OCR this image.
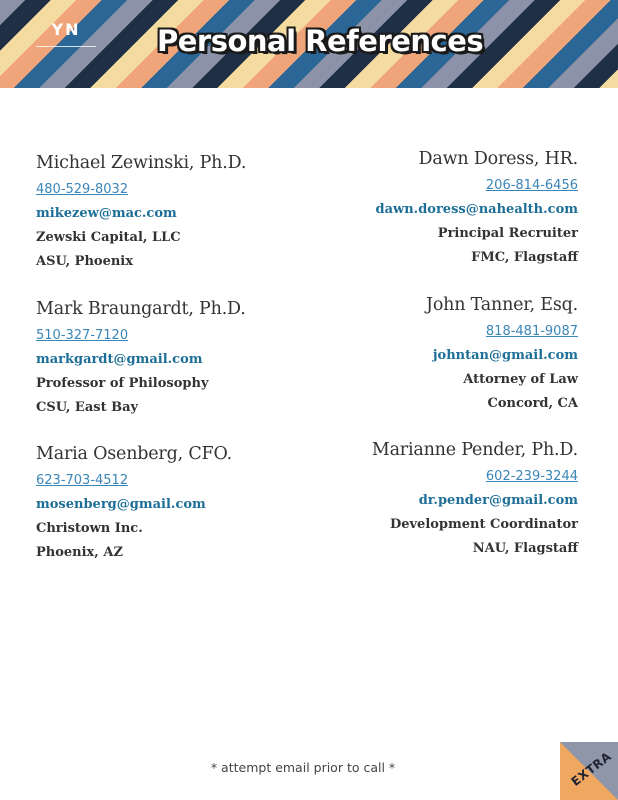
YN	Personal References
Michael Zewinski, Ph.D.
480-529-8032
mikezew@mac.com
Zewski Capital, LLC
ASU, Phoenix
Mark Braungardt, Ph.D.
510-327-7120
markgardt@gmail.com
Professor of Philosophy
CSU, East Bay
Maria Osenberg, CFO.
623-703-4512
mosenberg@gmail.com
Christown Inc.
Phoenix, AZ
Dawn Doress, HR.
206-814-6456
dawn.doress@nahealth.com
Principal Recruiter
FMC, Flagstaff
John Tanner, Esq.
818-481-9087
johntan@gmail.com
Attorney of Law
Concord, CA
Marianne Pender, Ph.D.
602-239-3244
dr.pender@gmail.com
Development Coordinator
NAU, Flagstaff
* attempt email prior to call *	EXTRA
